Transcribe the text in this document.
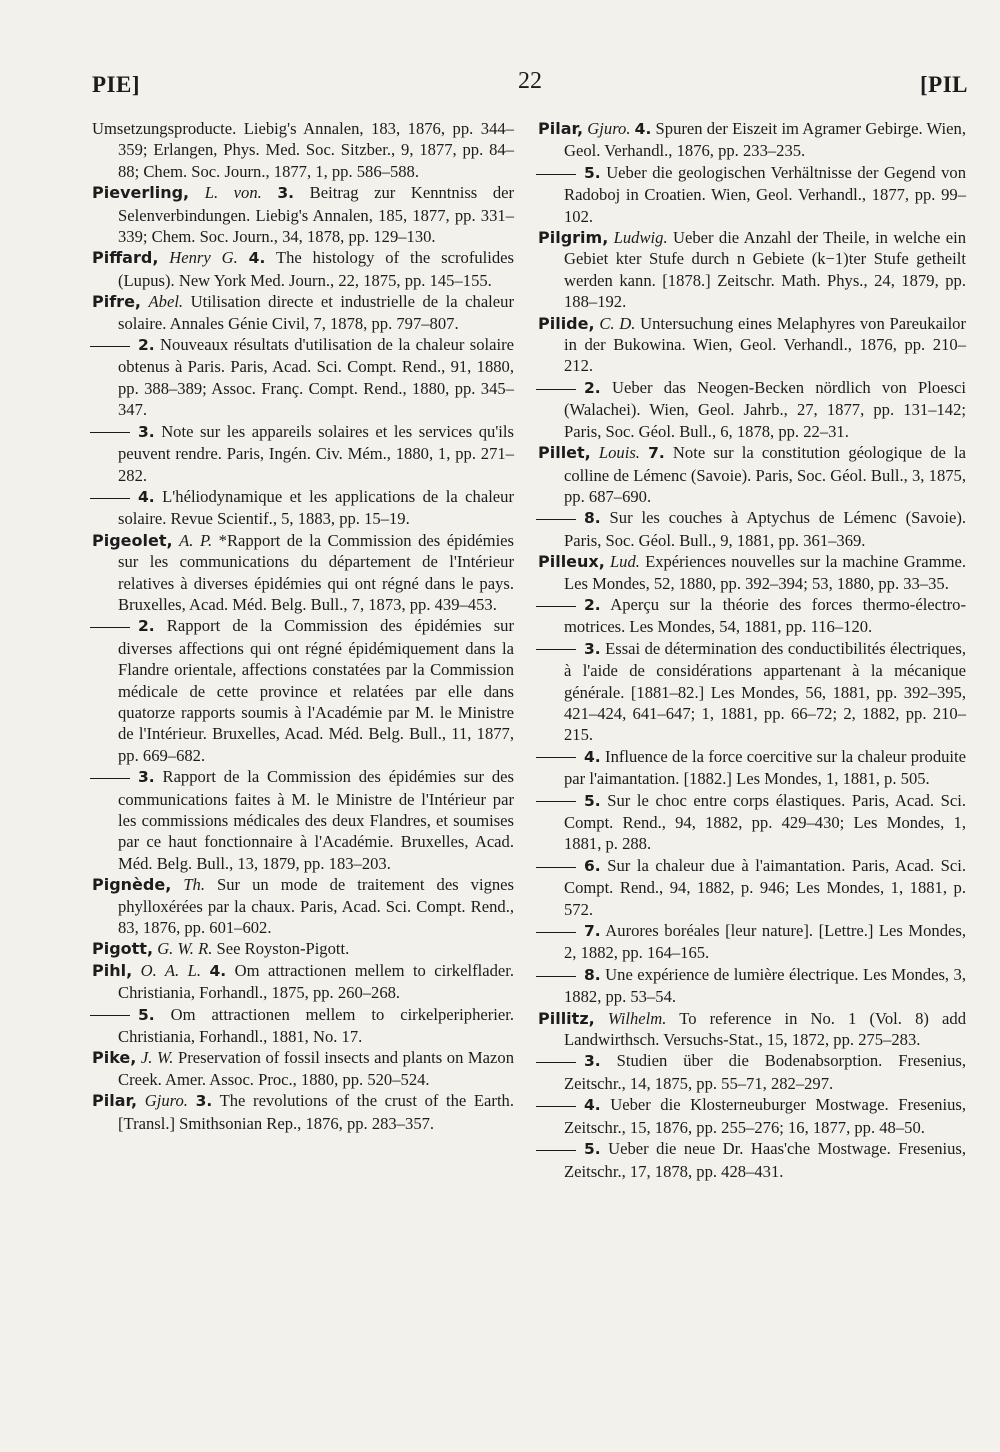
PIE]	22	[PIL

Umsetzungsproducte. Liebig's Annalen, 183, 1876, pp. 344–359; Erlangen, Phys. Med. Soc. Sitzber., 9, 1877, pp. 84–88; Chem. Soc. Journ., 1877, 1, pp. 586–588.

Pieverling, L. von. 3. Beitrag zur Kenntniss der Selenverbindungen. Liebig's Annalen, 185, 1877, pp. 331–339; Chem. Soc. Journ., 34, 1878, pp. 129–130.

Piffard, Henry G. 4. The histology of the scrofulides (Lupus). New York Med. Journ., 22, 1875, pp. 145–155.

Pifre, Abel. Utilisation directe et industrielle de la chaleur solaire. Annales Génie Civil, 7, 1878, pp. 797–807.

2. Nouveaux résultats d'utilisation de la chaleur solaire obtenus à Paris. Paris, Acad. Sci. Compt. Rend., 91, 1880, pp. 388–389; Assoc. Franç. Compt. Rend., 1880, pp. 345–347.

3. Note sur les appareils solaires et les services qu'ils peuvent rendre. Paris, Ingén. Civ. Mém., 1880, 1, pp. 271–282.

4. L'héliodynamique et les applications de la chaleur solaire. Revue Scientif., 5, 1883, pp. 15–19.

Pigeolet, A. P. *Rapport de la Commission des épidémies sur les communications du département de l'Intérieur relatives à diverses épidémies qui ont régné dans le pays. Bruxelles, Acad. Méd. Belg. Bull., 7, 1873, pp. 439–453.

2. Rapport de la Commission des épidémies sur diverses affections qui ont régné épidémiquement dans la Flandre orientale, affections constatées par la Commission médicale de cette province et relatées par elle dans quatorze rapports soumis à l'Académie par M. le Ministre de l'Intérieur. Bruxelles, Acad. Méd. Belg. Bull., 11, 1877, pp. 669–682.

3. Rapport de la Commission des épidémies sur des communications faites à M. le Ministre de l'Intérieur par les commissions médicales des deux Flandres, et soumises par ce haut fonctionnaire à l'Académie. Bruxelles, Acad. Méd. Belg. Bull., 13, 1879, pp. 183–203.

Pignède, Th. Sur un mode de traitement des vignes phylloxérées par la chaux. Paris, Acad. Sci. Compt. Rend., 83, 1876, pp. 601–602.

Pigott, G. W. R. See Royston-Pigott.

Pihl, O. A. L. 4. Om attractionen mellem to cirkelflader. Christiania, Forhandl., 1875, pp. 260–268.

5. Om attractionen mellem to cirkelperipherier. Christiania, Forhandl., 1881, No. 17.

Pike, J. W. Preservation of fossil insects and plants on Mazon Creek. Amer. Assoc. Proc., 1880, pp. 520–524.

Pilar, Gjuro. 3. The revolutions of the crust of the Earth. [Transl.] Smithsonian Rep., 1876, pp. 283–357.

Pilar, Gjuro. 4. Spuren der Eiszeit im Agramer Gebirge. Wien, Geol. Verhandl., 1876, pp. 233–235.

5. Ueber die geologischen Verhältnisse der Gegend von Radoboj in Croatien. Wien, Geol. Verhandl., 1877, pp. 99–102.

Pilgrim, Ludwig. Ueber die Anzahl der Theile, in welche ein Gebiet kter Stufe durch n Gebiete (k−1)ter Stufe getheilt werden kann. [1878.] Zeitschr. Math. Phys., 24, 1879, pp. 188–192.

Pilide, C. D. Untersuchung eines Melaphyres von Pareukailor in der Bukowina. Wien, Geol. Verhandl., 1876, pp. 210–212.

2. Ueber das Neogen-Becken nördlich von Ploesci (Walachei). Wien, Geol. Jahrb., 27, 1877, pp. 131–142; Paris, Soc. Géol. Bull., 6, 1878, pp. 22–31.

Pillet, Louis. 7. Note sur la constitution géologique de la colline de Lémenc (Savoie). Paris, Soc. Géol. Bull., 3, 1875, pp. 687–690.

8. Sur les couches à Aptychus de Lémenc (Savoie). Paris, Soc. Géol. Bull., 9, 1881, pp. 361–369.

Pilleux, Lud. Expériences nouvelles sur la machine Gramme. Les Mondes, 52, 1880, pp. 392–394; 53, 1880, pp. 33–35.

2. Aperçu sur la théorie des forces thermo-électro-motrices. Les Mondes, 54, 1881, pp. 116–120.

3. Essai de détermination des conductibilités électriques, à l'aide de considérations appartenant à la mécanique générale. [1881–82.] Les Mondes, 56, 1881, pp. 392–395, 421–424, 641–647; 1, 1881, pp. 66–72; 2, 1882, pp. 210–215.

4. Influence de la force coercitive sur la chaleur produite par l'aimantation. [1882.] Les Mondes, 1, 1881, p. 505.

5. Sur le choc entre corps élastiques. Paris, Acad. Sci. Compt. Rend., 94, 1882, pp. 429–430; Les Mondes, 1, 1881, p. 288.

6. Sur la chaleur due à l'aimantation. Paris, Acad. Sci. Compt. Rend., 94, 1882, p. 946; Les Mondes, 1, 1881, p. 572.

7. Aurores boréales [leur nature]. [Lettre.] Les Mondes, 2, 1882, pp. 164–165.

8. Une expérience de lumière électrique. Les Mondes, 3, 1882, pp. 53–54.

Pillitz, Wilhelm. To reference in No. 1 (Vol. 8) add Landwirthsch. Versuchs-Stat., 15, 1872, pp. 275–283.

3. Studien über die Bodenabsorption. Fresenius, Zeitschr., 14, 1875, pp. 55–71, 282–297.

4. Ueber die Klosterneuburger Mostwage. Fresenius, Zeitschr., 15, 1876, pp. 255–276; 16, 1877, pp. 48–50.

5. Ueber die neue Dr. Haas'che Mostwage. Fresenius, Zeitschr., 17, 1878, pp. 428–431.
